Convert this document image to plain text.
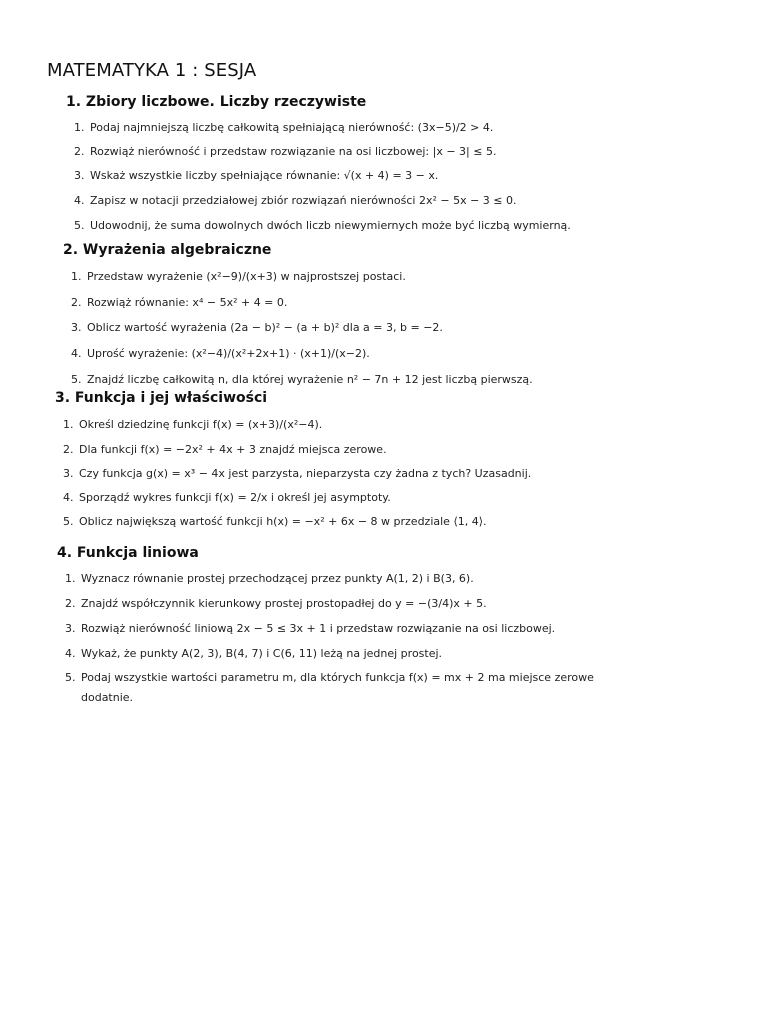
MATEMATYKA 1 : SESJA
1. Zbiory liczbowe. Liczby rzeczywiste
1. Podaj najmniejszą liczbę całkowitą spełniającą nierówność: (3x−5)/2 > 4.
2. Rozwiąż nierówność i przedstaw rozwiązanie na osi liczbowej: |x − 3| ≤ 5.
3. Wskaż wszystkie liczby spełniające równanie: √(x + 4) = 3 − x.
4. Zapisz w notacji przedziałowej zbiór rozwiązań nierówności 2x² − 5x − 3 ≤ 0.
5. Udowodnij, że suma dowolnych dwóch liczb niewymiernych może być liczbą wymierną.
2. Wyrażenia algebraiczne
1. Przedstaw wyrażenie (x²−9)/(x+3) w najprostszej postaci.
2. Rozwiąż równanie: x⁴ − 5x² + 4 = 0.
3. Oblicz wartość wyrażenia (2a − b)² − (a + b)² dla a = 3, b = −2.
4. Uprość wyrażenie: (x²−4)/(x²+2x+1) · (x+1)/(x−2).
5. Znajdź liczbę całkowitą n, dla której wyrażenie n² − 7n + 12 jest liczbą pierwszą.
3. Funkcja i jej właściwości
1. Określ dziedzinę funkcji f(x) = (x+3)/(x²−4).
2. Dla funkcji f(x) = −2x² + 4x + 3 znajdź miejsca zerowe.
3. Czy funkcja g(x) = x³ − 4x jest parzysta, nieparzysta czy żadna z tych? Uzasadnij.
4. Sporządź wykres funkcji f(x) = 2/x i określ jej asymptoty.
5. Oblicz największą wartość funkcji h(x) = −x² + 6x − 8 w przedziale ⟨1, 4⟩.
4. Funkcja liniowa
1. Wyznacz równanie prostej przechodzącej przez punkty A(1, 2) i B(3, 6).
2. Znajdź współczynnik kierunkowy prostej prostopadłej do y = −(3/4)x + 5.
3. Rozwiąż nierówność liniową 2x − 5 ≤ 3x + 1 i przedstaw rozwiązanie na osi liczbowej.
4. Wykaż, że punkty A(2, 3), B(4, 7) i C(6, 11) leżą na jednej prostej.
5. Podaj wszystkie wartości parametru m, dla których funkcja f(x) = mx + 2 ma miejsce zerowe
dodatnie.
